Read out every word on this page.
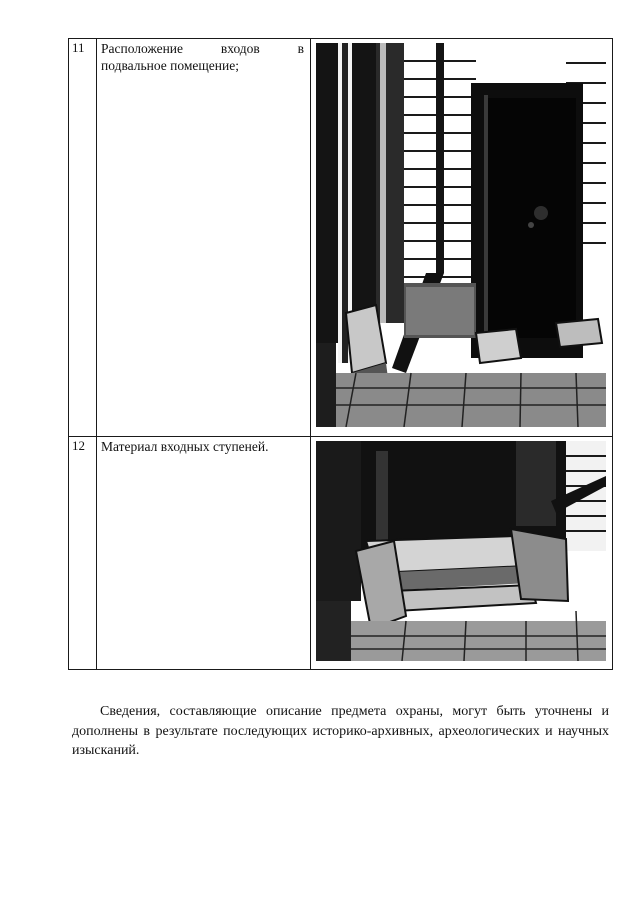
11	Расположение входов в подвальное помещение;	

12	Материал входных ступеней.	

Сведения, составляющие описание предмета охраны, могут быть уточнены и дополнены в результате последующих историко-архивных, археологических и научных изысканий.
